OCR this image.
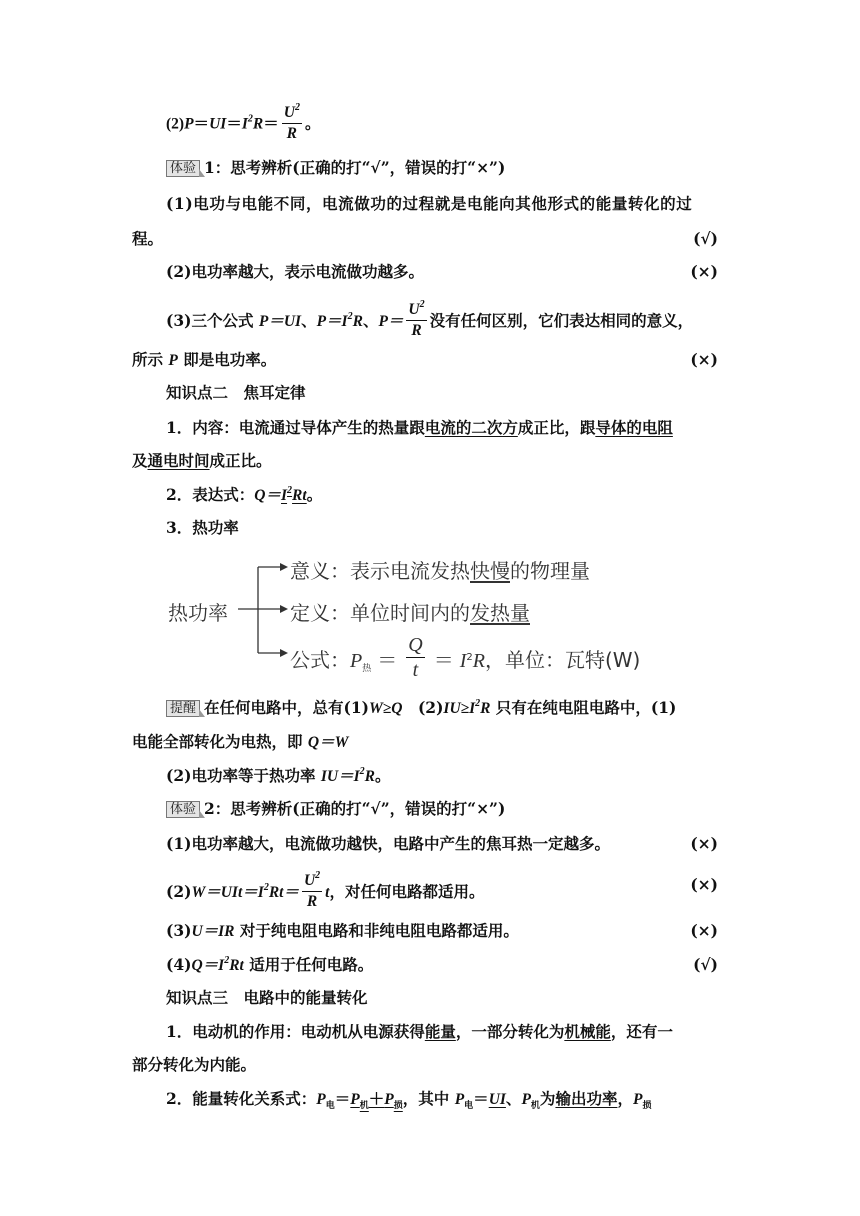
$(2)P=UI=I^2R= \frac{U^2}{R}$ 。
体验 1：思考辨析(正确的打“√”，错误的打“×”)
(1)电功与电能不同，电流做功的过程就是电能向其他形式的能量转化的过
程。	(√)
(2)电功率越大，表示电流做功越多。	(×)
(3)三个公式 P＝UI、$P=I^2R$、$P= \frac{U^2}{R}$ 没有任何区别，它们表达相同的意义，
所示 P 即是电功率。	(×)
知识点二　焦耳定律
1．内容：电流通过导体产生的热量跟电流的二次方成正比，跟导体的电阻
及通电时间成正比。
2．表达式：$Q=I^2Rt$。
3．热功率
热功率
意义：表示电流发热快慢的物理量
定义：单位时间内的发热量
公式：$P_热 = \frac{Q}{t} = I^2R$，单位：瓦特(W)
提醒 在任何电路中，总有(1)W≥Q　$(2)IU\ge I^2R$ 只有在纯电阻电路中，(1)
电能全部转化为电热，即 Q＝W
(2)电功率等于热功率 $IU=I^2R$。
体验 2：思考辨析(正确的打“√”，错误的打“×”)
(1)电功率越大，电流做功越快，电路中产生的焦耳热一定越多。	(×)
$(2)W=UIt=I^2Rt= \frac{U^2}{R}$ t，对任何电路都适用。	(×)
(3)U＝IR 对于纯电阻电路和非纯电阻电路都适用。	(×)
$(4)Q=I^2Rt$ 适用于任何电路。	(√)
知识点三　电路中的能量转化
1．电动机的作用：电动机从电源获得能量，一部分转化为机械能，还有一
部分转化为内能。
2．能量转化关系式：$P_电=P_机+P_损$，其中 $P_电=UI$、$P_机$为输出功率，$P_损$
